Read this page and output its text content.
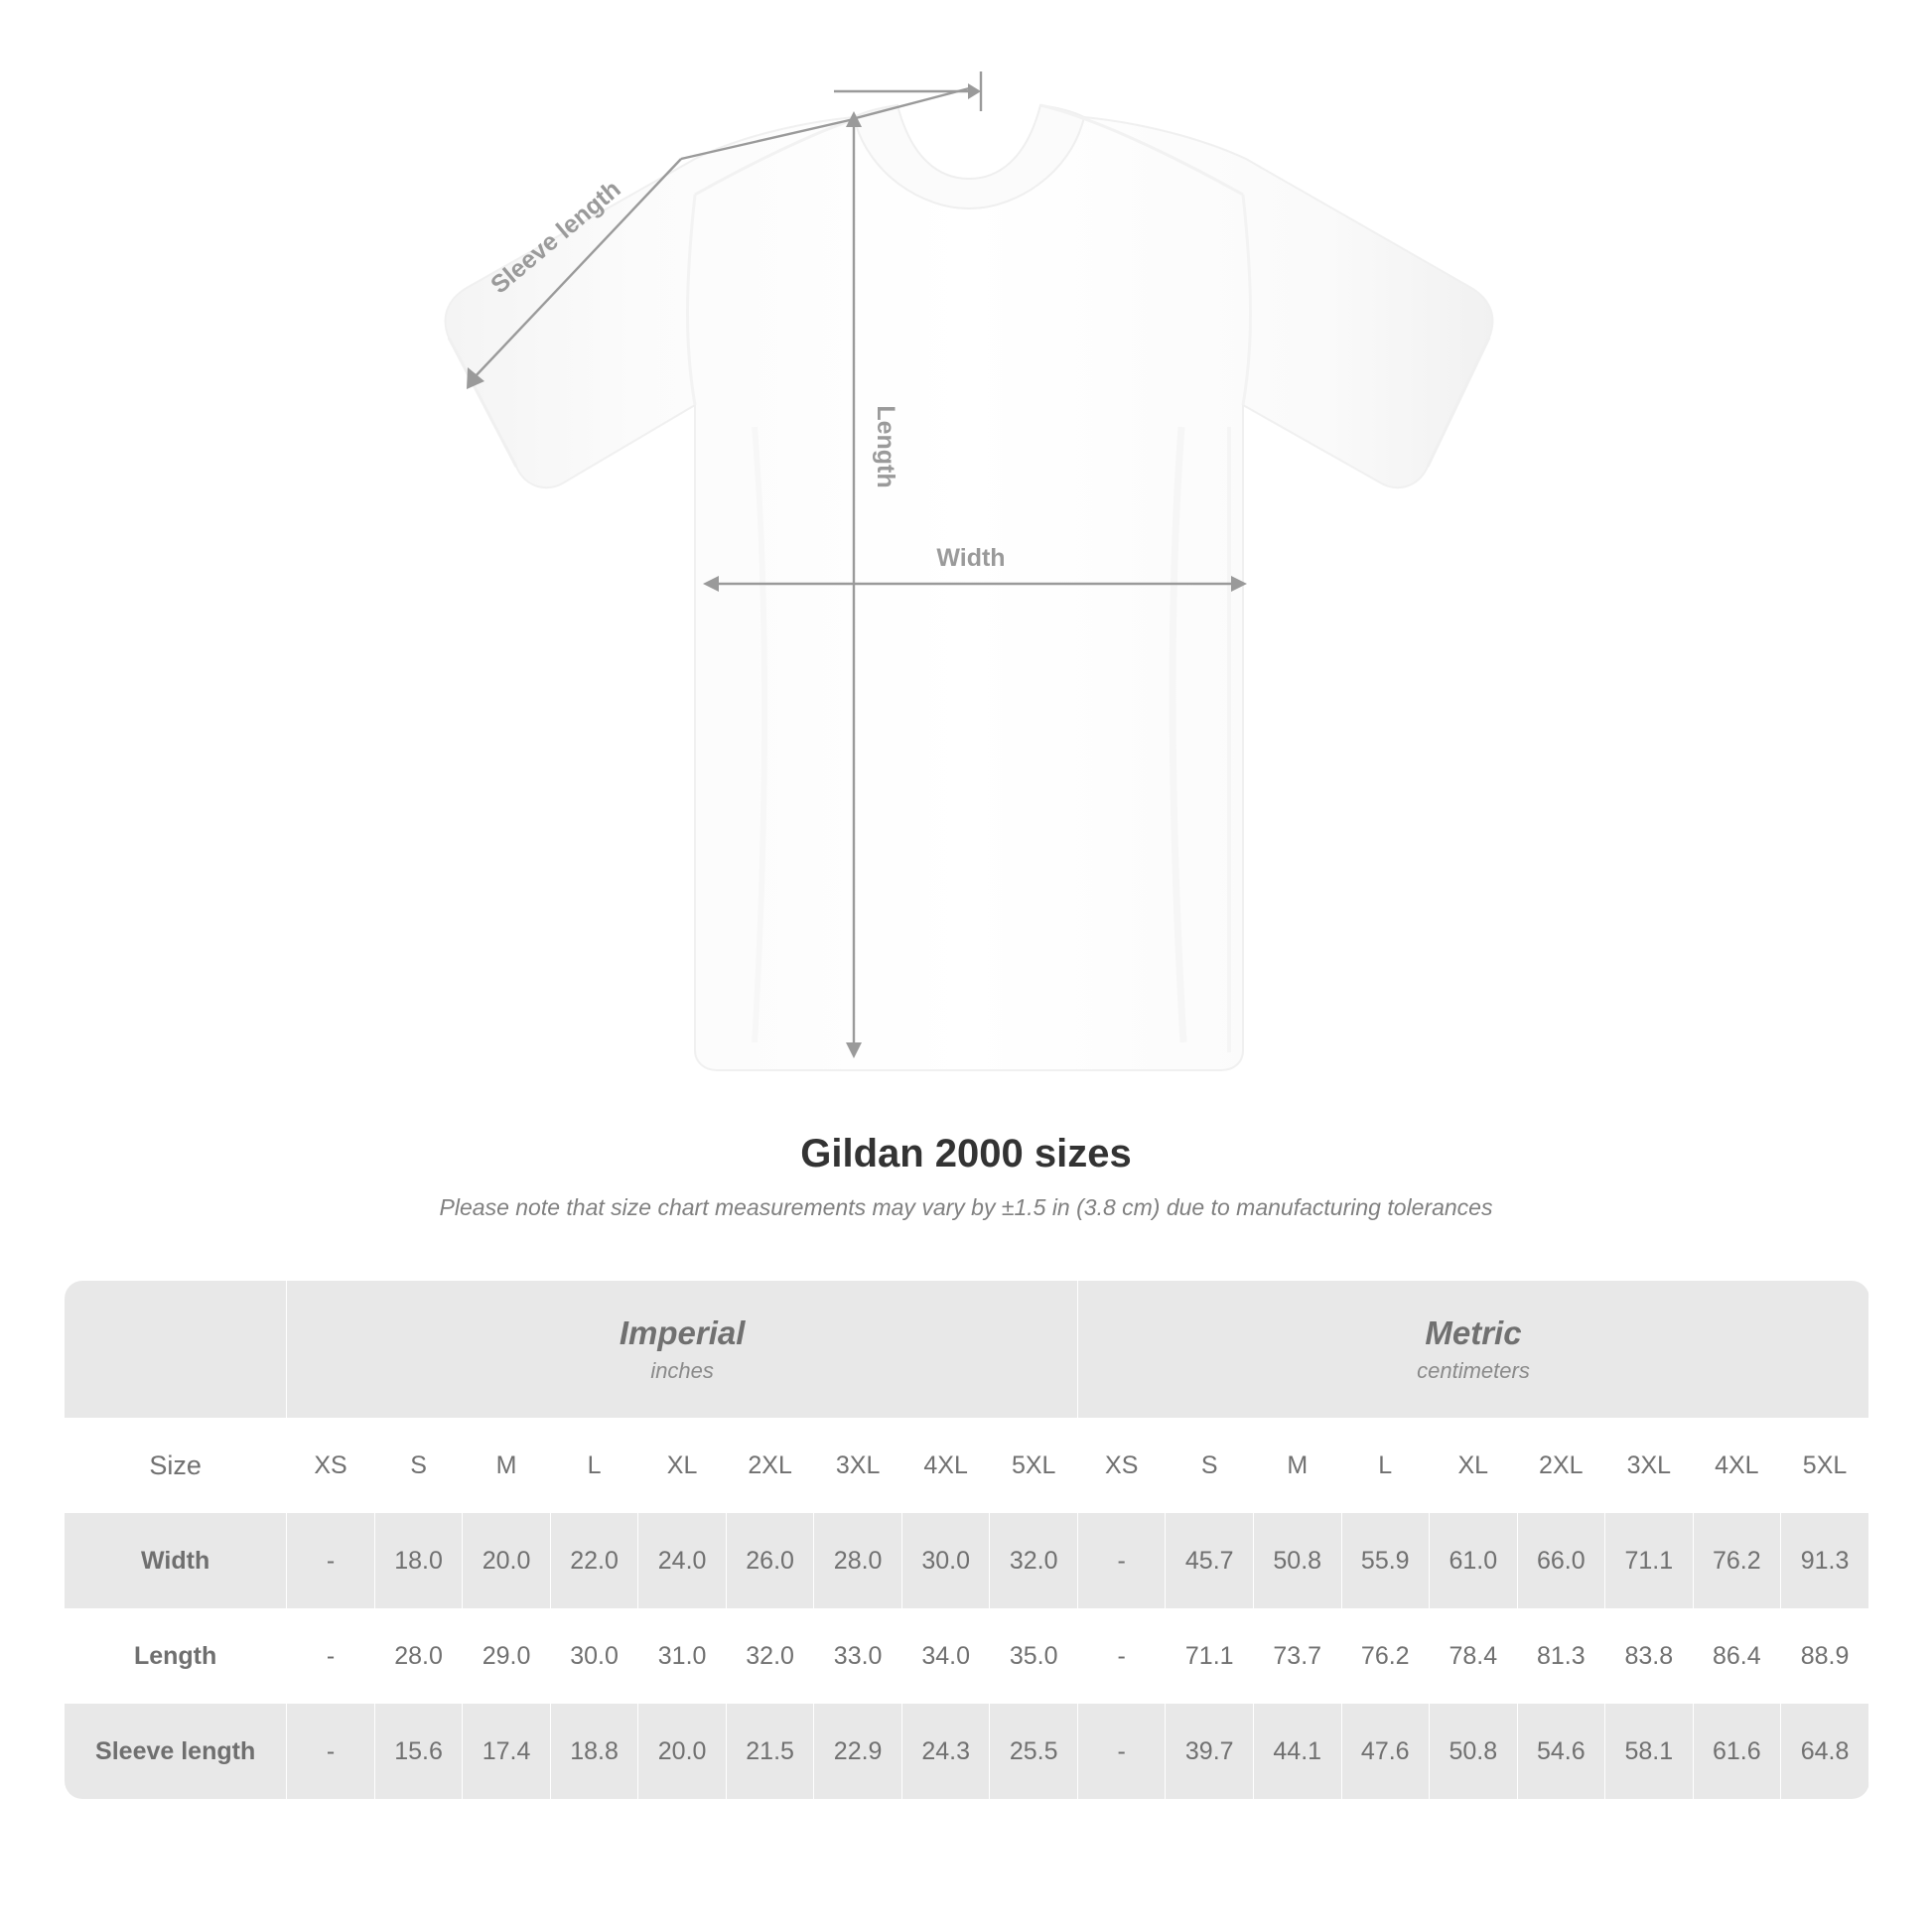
Sleeve length
Length
Width
Gildan 2000 sizes
Please note that size chart measurements may vary by ±1.5 in (3.8 cm) due to manufacturing tolerances

Imperial
inches

Metric
centimeters

Size	XS	S	M	L	XL	2XL	3XL	4XL	5XL	XS	S	M	L	XL	2XL	3XL	4XL	5XL
Width	-	18.0	20.0	22.0	24.0	26.0	28.0	30.0	32.0	-	45.7	50.8	55.9	61.0	66.0	71.1	76.2	91.3
Length	-	28.0	29.0	30.0	31.0	32.0	33.0	34.0	35.0	-	71.1	73.7	76.2	78.4	81.3	83.8	86.4	88.9
Sleeve length	-	15.6	17.4	18.8	20.0	21.5	22.9	24.3	25.5	-	39.7	44.1	47.6	50.8	54.6	58.1	61.6	64.8
